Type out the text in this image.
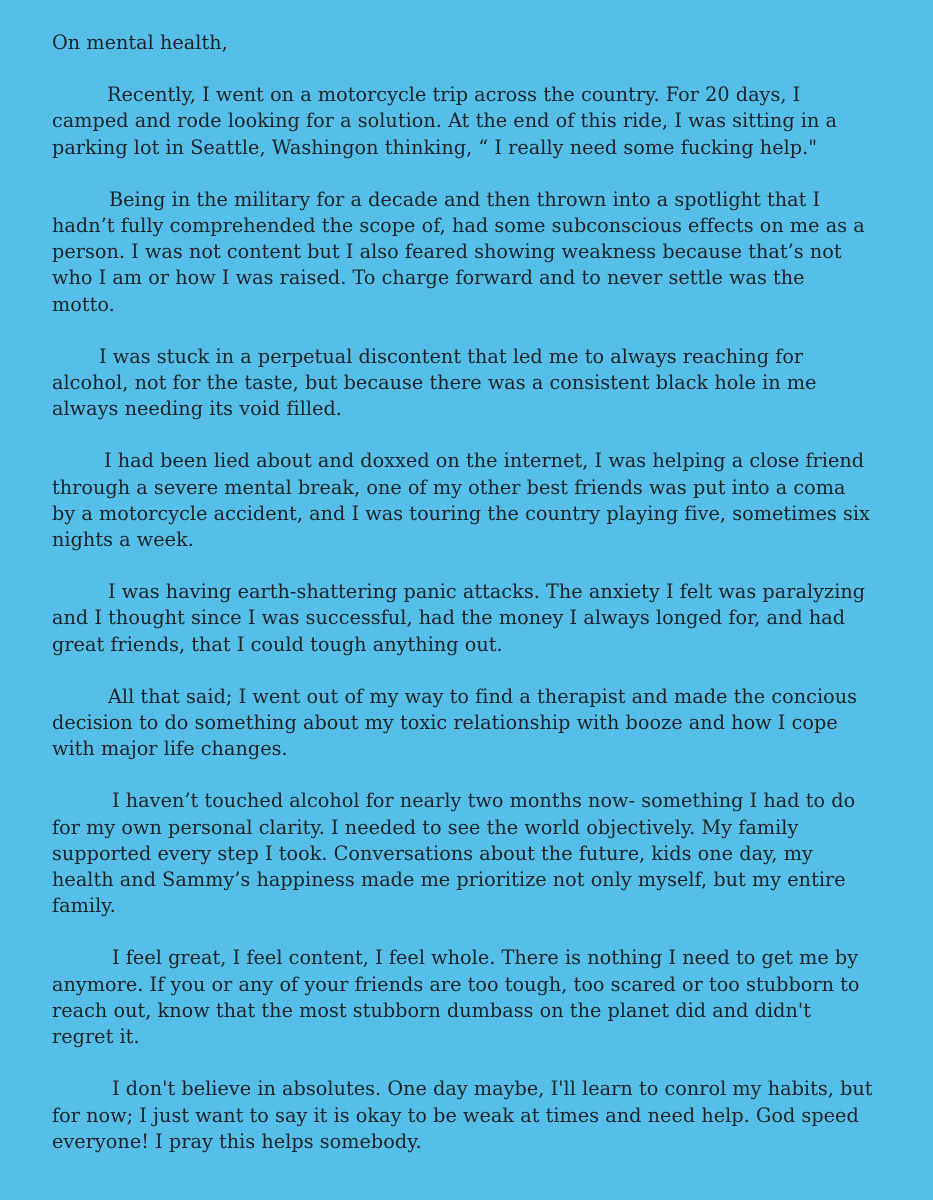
On mental health,

Recently, I went on a motorcycle trip across the country. For 20 days, I camped and rode looking for a solution. At the end of this ride, I was sitting in a parking lot in Seattle, Washingon thinking, “ I really need some fucking help."

Being in the military for a decade and then thrown into a spotlight that I hadn’t fully comprehended the scope of, had some subconscious effects on me as a person. I was not content but I also feared showing weakness because that’s not who I am or how I was raised. To charge forward and to never settle was the motto.

I was stuck in a perpetual discontent that led me to always reaching for alcohol, not for the taste, but because there was a consistent black hole in me always needing its void filled.

I had been lied about and doxxed on the internet, I was helping a close friend through a severe mental break, one of my other best friends was put into a coma by a motorcycle accident, and I was touring the country playing five, sometimes six nights a week.

I was having earth-shattering panic attacks. The anxiety I felt was paralyzing and I thought since I was successful, had the money I always longed for, and had great friends, that I could tough anything out.

All that said; I went out of my way to find a therapist and made the concious decision to do something about my toxic relationship with booze and how I cope with major life changes.

I haven’t touched alcohol for nearly two months now- something I had to do for my own personal clarity. I needed to see the world objectively. My family supported every step I took. Conversations about the future, kids one day, my health and Sammy’s happiness made me prioritize not only myself, but my entire family.

I feel great, I feel content, I feel whole. There is nothing I need to get me by anymore. If you or any of your friends are too tough, too scared or too stubborn to reach out, know that the most stubborn dumbass on the planet did and didn't regret it.

I don't believe in absolutes. One day maybe, I'll learn to conrol my habits, but for now; I just want to say it is okay to be weak at times and need help. God speed everyone! I pray this helps somebody.
